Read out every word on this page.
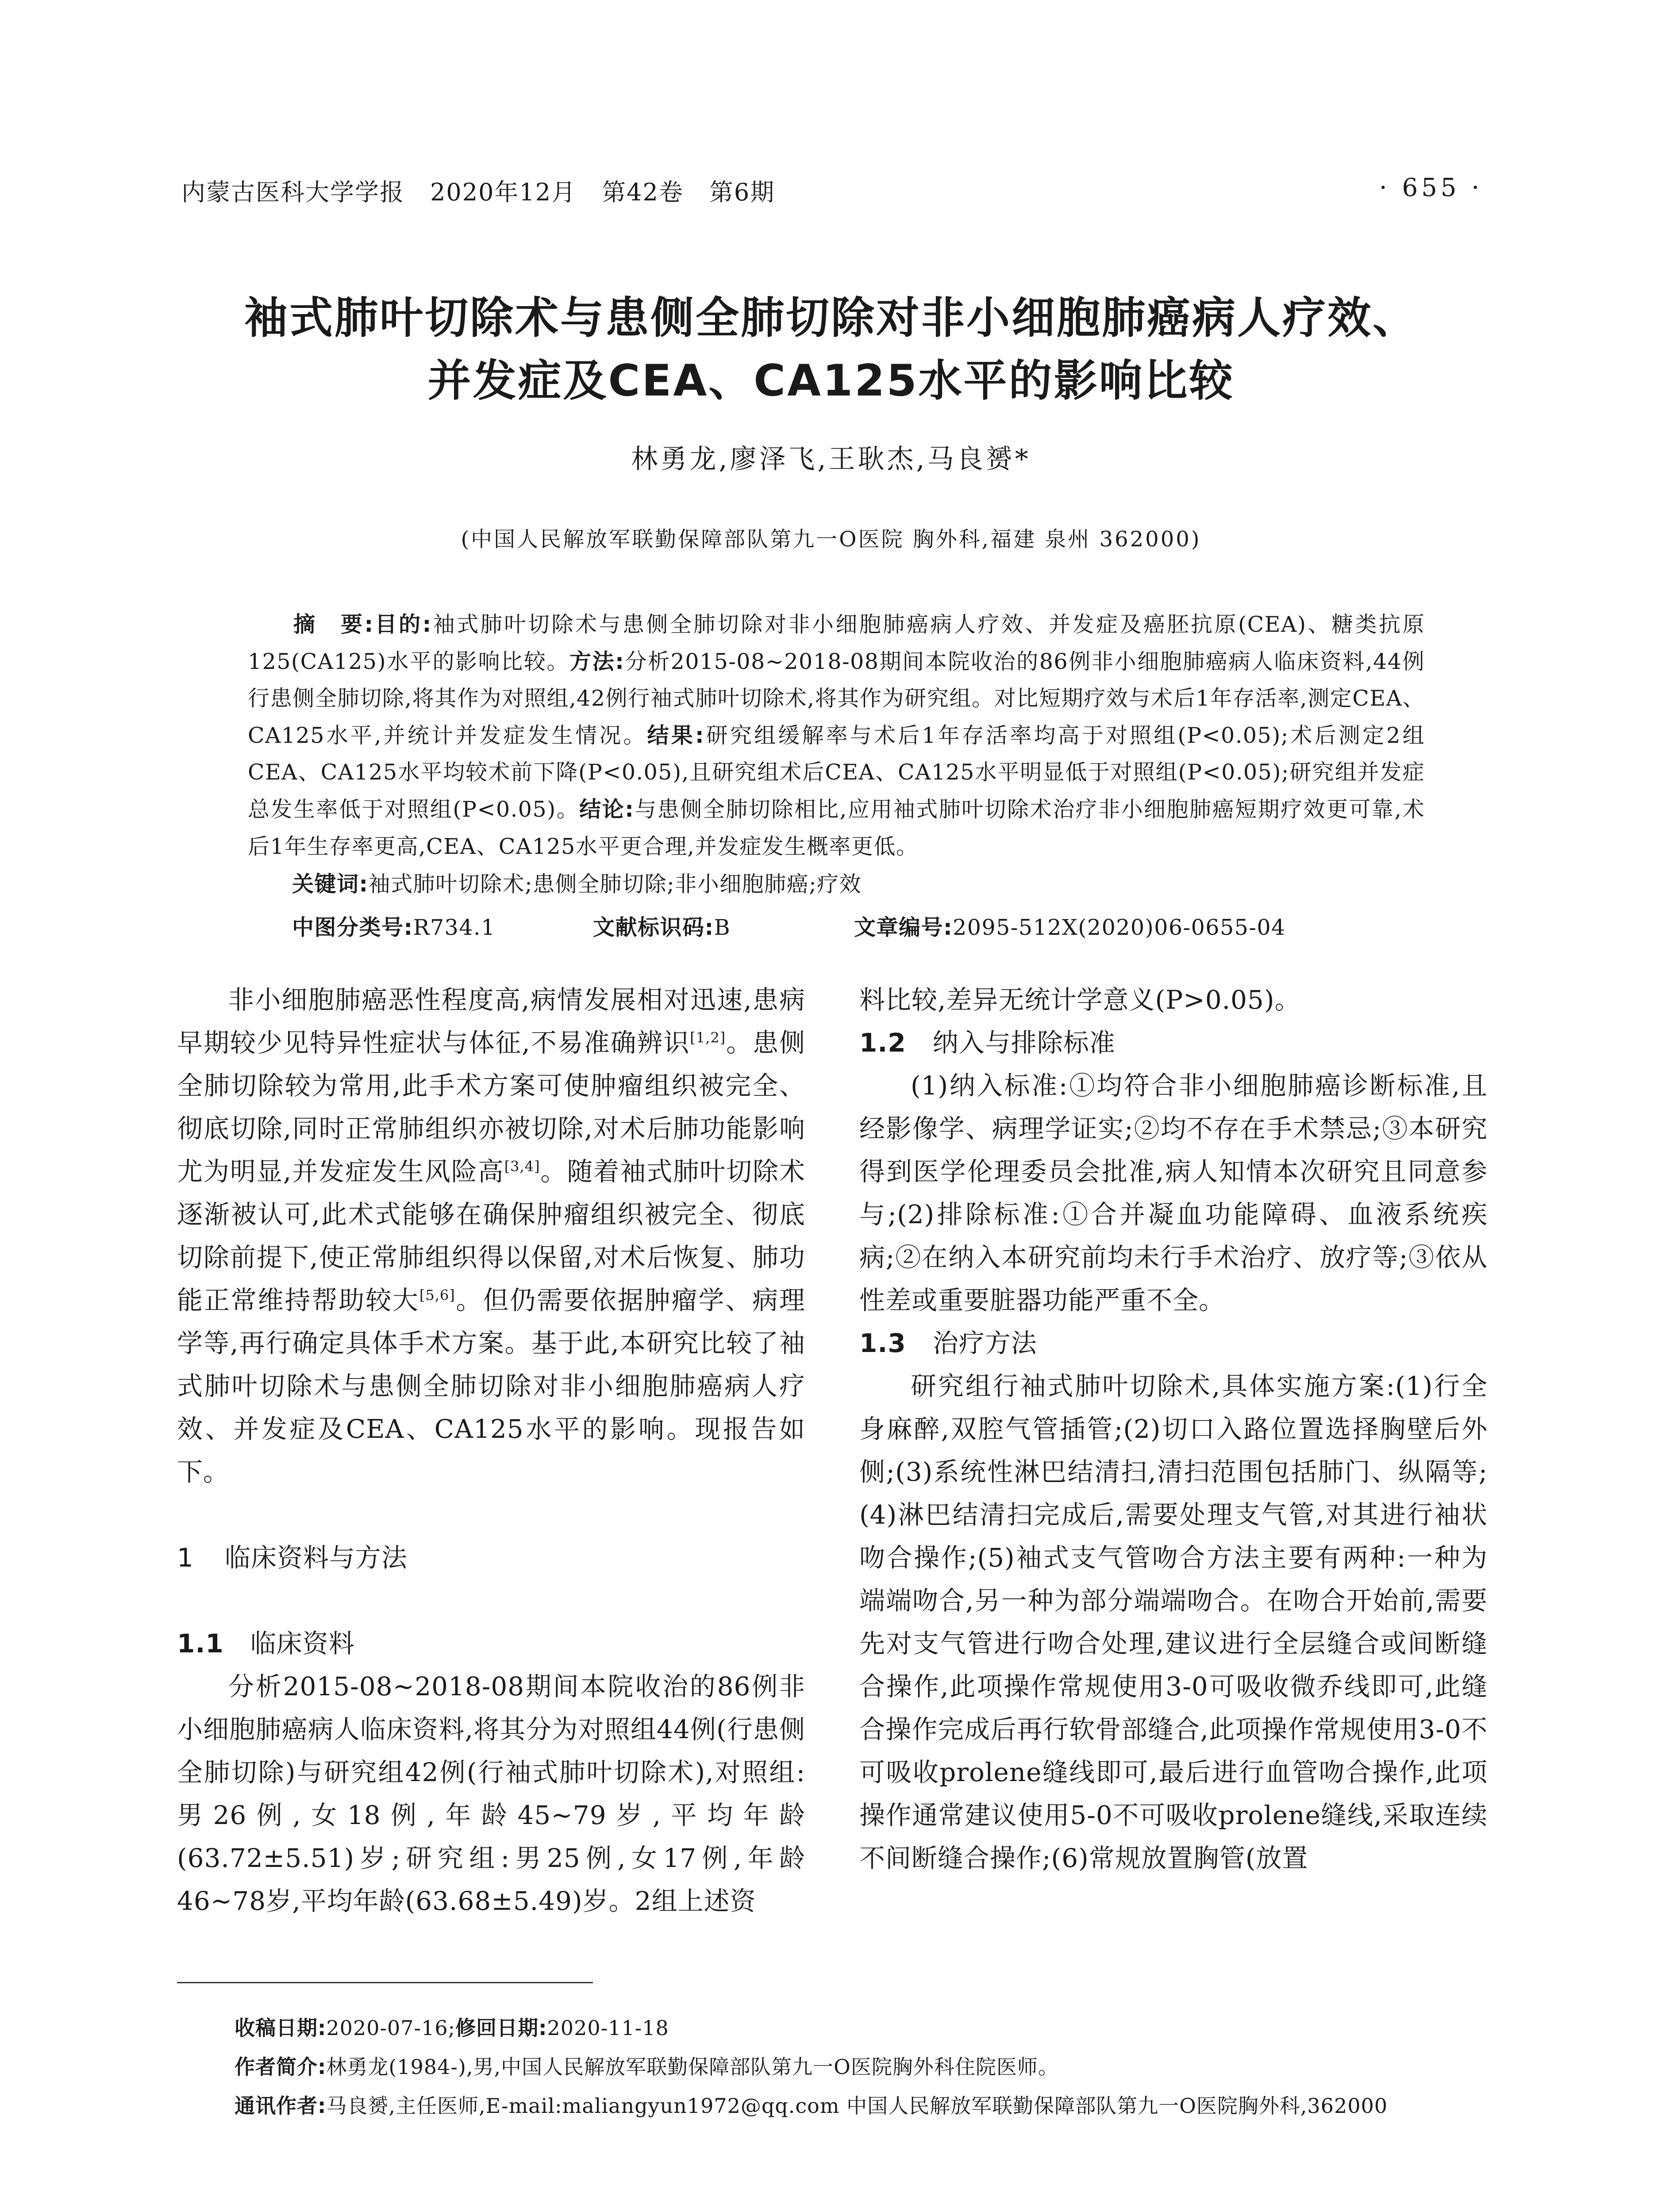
内蒙古医科大学学报 2020年12月 第42卷 第6期	· 655 ·
袖式肺叶切除术与患侧全肺切除对非小细胞肺癌病人疗效、
并发症及CEA、CA125水平的影响比较
林勇龙,廖泽飞,王耿杰,马良赟*
(中国人民解放军联勤保障部队第九一O医院 胸外科,福建 泉州 362000)
摘　要:目的:袖式肺叶切除术与患侧全肺切除对非小细胞肺癌病人疗效、并发症及癌胚抗原(CEA)、糖类抗原125(CA125)水平的影响比较。方法:分析2015-08~2018-08期间本院收治的86例非小细胞肺癌病人临床资料,44例行患侧全肺切除,将其作为对照组,42例行袖式肺叶切除术,将其作为研究组。对比短期疗效与术后1年存活率,测定CEA、CA125水平,并统计并发症发生情况。结果:研究组缓解率与术后1年存活率均高于对照组(P<0.05);术后测定2组CEA、CA125水平均较术前下降(P<0.05),且研究组术后CEA、CA125水平明显低于对照组(P<0.05);研究组并发症总发生率低于对照组(P<0.05)。结论:与患侧全肺切除相比,应用袖式肺叶切除术治疗非小细胞肺癌短期疗效更可靠,术后1年生存率更高,CEA、CA125水平更合理,并发症发生概率更低。
关键词:袖式肺叶切除术;患侧全肺切除;非小细胞肺癌;疗效
中图分类号:R734.1	文献标识码:B	文章编号:2095-512X(2020)06-0655-04

非小细胞肺癌恶性程度高,病情发展相对迅速,患病早期较少见特异性症状与体征,不易准确辨识[1,2]。患侧全肺切除较为常用,此手术方案可使肿瘤组织被完全、彻底切除,同时正常肺组织亦被切除,对术后肺功能影响尤为明显,并发症发生风险高[3,4]。随着袖式肺叶切除术逐渐被认可,此术式能够在确保肿瘤组织被完全、彻底切除前提下,使正常肺组织得以保留,对术后恢复、肺功能正常维持帮助较大[5,6]。但仍需要依据肿瘤学、病理学等,再行确定具体手术方案。基于此,本研究比较了袖式肺叶切除术与患侧全肺切除对非小细胞肺癌病人疗效、并发症及CEA、CA125水平的影响。现报告如下。

1 临床资料与方法

1.1 临床资料

分析2015-08~2018-08期间本院收治的86例非小细胞肺癌病人临床资料,将其分为对照组44例(行患侧全肺切除)与研究组42例(行袖式肺叶切除术),对照组:男26例,女18例,年龄45~79岁,平均年龄(63.72±5.51)岁;研究组:男25例,女17例,年龄46~78岁,平均年龄(63.68±5.49)岁。2组上述资

料比较,差异无统计学意义(P>0.05)。

1.2 纳入与排除标准

(1)纳入标准:①均符合非小细胞肺癌诊断标准,且经影像学、病理学证实;②均不存在手术禁忌;③本研究得到医学伦理委员会批准,病人知情本次研究且同意参与;(2)排除标准:①合并凝血功能障碍、血液系统疾病;②在纳入本研究前均未行手术治疗、放疗等;③依从性差或重要脏器功能严重不全。

1.3 治疗方法

研究组行袖式肺叶切除术,具体实施方案:(1)行全身麻醉,双腔气管插管;(2)切口入路位置选择胸壁后外侧;(3)系统性淋巴结清扫,清扫范围包括肺门、纵隔等;(4)淋巴结清扫完成后,需要处理支气管,对其进行袖状吻合操作;(5)袖式支气管吻合方法主要有两种:一种为端端吻合,另一种为部分端端吻合。在吻合开始前,需要先对支气管进行吻合处理,建议进行全层缝合或间断缝合操作,此项操作常规使用3-0可吸收微乔线即可,此缝合操作完成后再行软骨部缝合,此项操作常规使用3-0不可吸收prolene缝线即可,最后进行血管吻合操作,此项操作通常建议使用5-0不可吸收prolene缝线,采取连续不间断缝合操作;(6)常规放置胸管(放置

收稿日期:2020-07-16;修回日期:2020-11-18
作者简介:林勇龙(1984-),男,中国人民解放军联勤保障部队第九一O医院胸外科住院医师。
通讯作者:马良赟,主任医师,E-mail:maliangyun1972@qq.com 中国人民解放军联勤保障部队第九一O医院胸外科,362000
